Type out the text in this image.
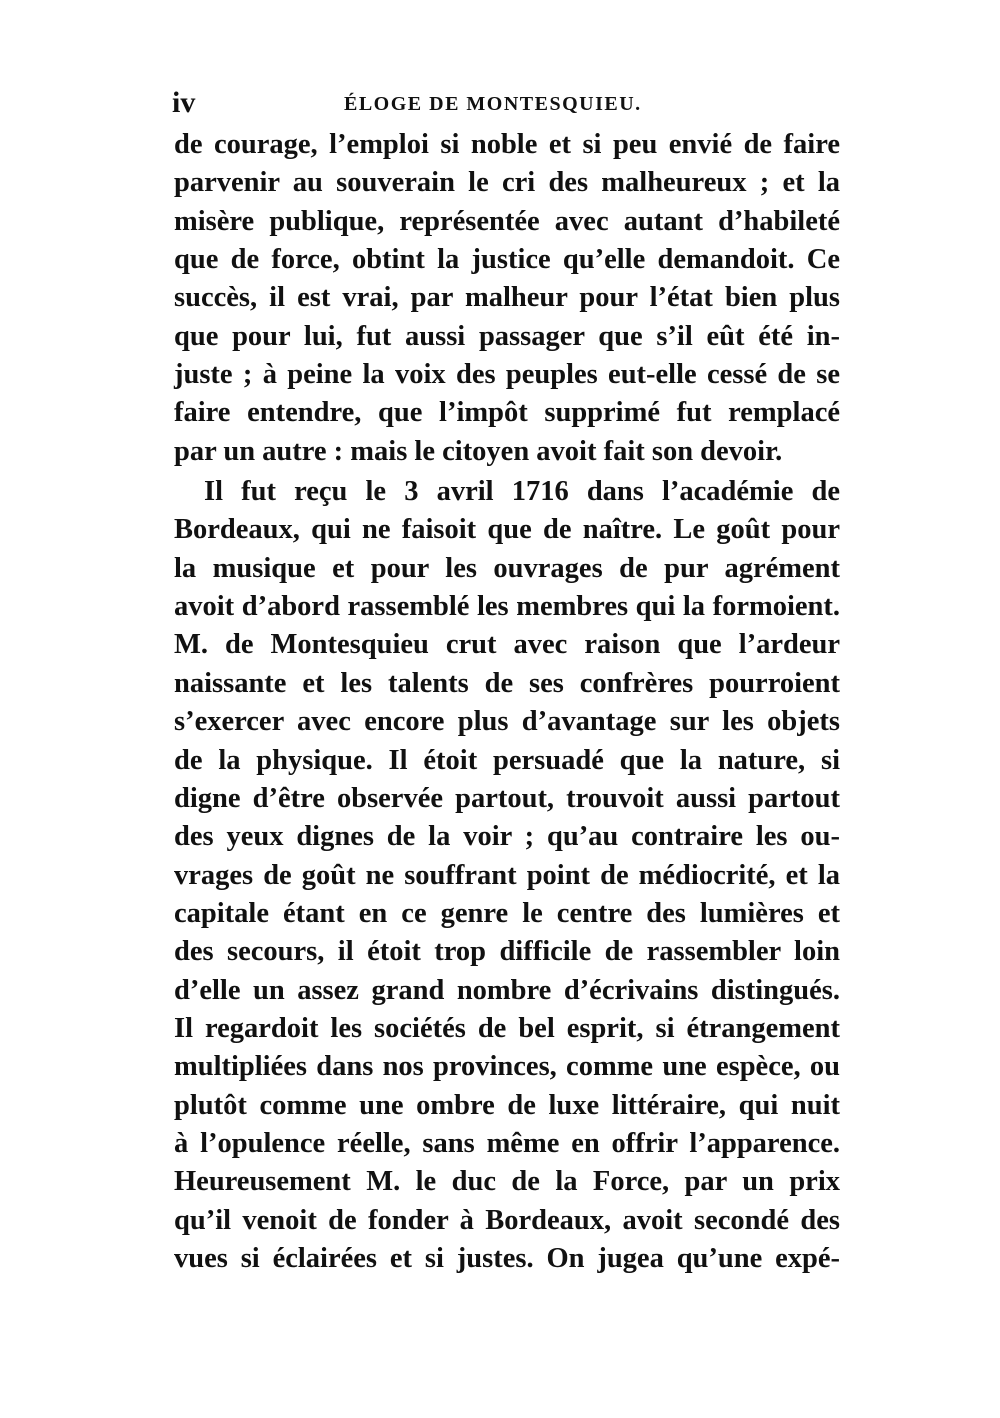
iv	ÉLOGE DE MONTESQUIEU.
de courage, l’emploi si noble et si peu envié de faire
parvenir au souverain le cri des malheureux ; et la
misère publique, représentée avec autant d’habileté
que de force, obtint la justice qu’elle demandoit. Ce
succès, il est vrai, par malheur pour l’état bien plus
que pour lui, fut aussi passager que s’il eût été in-
juste ; à peine la voix des peuples eut-elle cessé de se
faire entendre, que l’impôt supprimé fut remplacé
par un autre : mais le citoyen avoit fait son devoir.
Il fut reçu le 3 avril 1716 dans l’académie de
Bordeaux, qui ne faisoit que de naître. Le goût pour
la musique et pour les ouvrages de pur agrément
avoit d’abord rassemblé les membres qui la formoient.
M. de Montesquieu crut avec raison que l’ardeur
naissante et les talents de ses confrères pourroient
s’exercer avec encore plus d’avantage sur les objets
de la physique. Il étoit persuadé que la nature, si
digne d’être observée partout, trouvoit aussi partout
des yeux dignes de la voir ; qu’au contraire les ou-
vrages de goût ne souffrant point de médiocrité, et la
capitale étant en ce genre le centre des lumières et
des secours, il étoit trop difficile de rassembler loin
d’elle un assez grand nombre d’écrivains distingués.
Il regardoit les sociétés de bel esprit, si étrangement
multipliées dans nos provinces, comme une espèce, ou
plutôt comme une ombre de luxe littéraire, qui nuit
à l’opulence réelle, sans même en offrir l’apparence.
Heureusement M. le duc de la Force, par un prix
qu’il venoit de fonder à Bordeaux, avoit secondé des
vues si éclairées et si justes. On jugea qu’une expé-
